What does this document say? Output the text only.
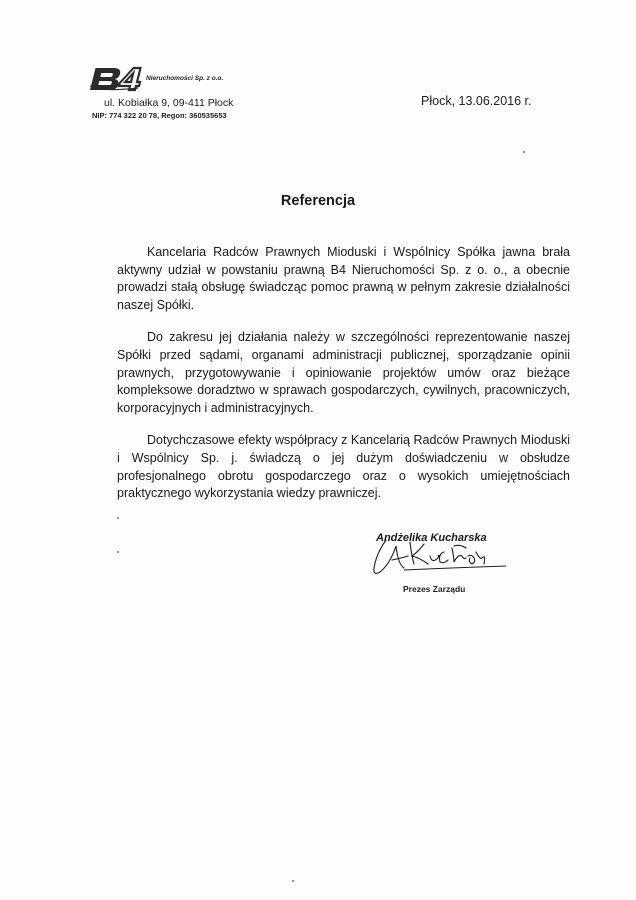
Nieruchomości Sp. z o.o.
ul. Kobiałka 9, 09-411 Płock
NIP: 774 322 20 78, Regon: 360535653
Płock, 13.06.2016 r.
Referencja

Kancelaria Radców Prawnych Mioduski i Wspólnicy Spółka jawna brała aktywny udział w powstaniu prawną B4 Nieruchomości Sp. z o. o., a obecnie prowadzi stałą obsługę świadcząc pomoc prawną w pełnym zakresie działalności naszej Spółki.

Do zakresu jej działania należy w szczególności reprezentowanie naszej Spółki przed sądami, organami administracji publicznej, sporządzanie opinii prawnych, przygotowywanie i opiniowanie projektów umów oraz bieżące kompleksowe doradztwo w sprawach gospodarczych, cywilnych, pracowniczych, korporacyjnych i administracyjnych.

Dotychczasowe efekty współpracy z Kancelarią Radców Prawnych Mioduski i Wspólnicy Sp. j. świadczą o jej dużym doświadczeniu w obsłudze profesjonalnego obrotu gospodarczego oraz o wysokich umiejętnościach praktycznego wykorzystania wiedzy prawniczej.

Andżelika Kucharska
Prezes Zarządu
